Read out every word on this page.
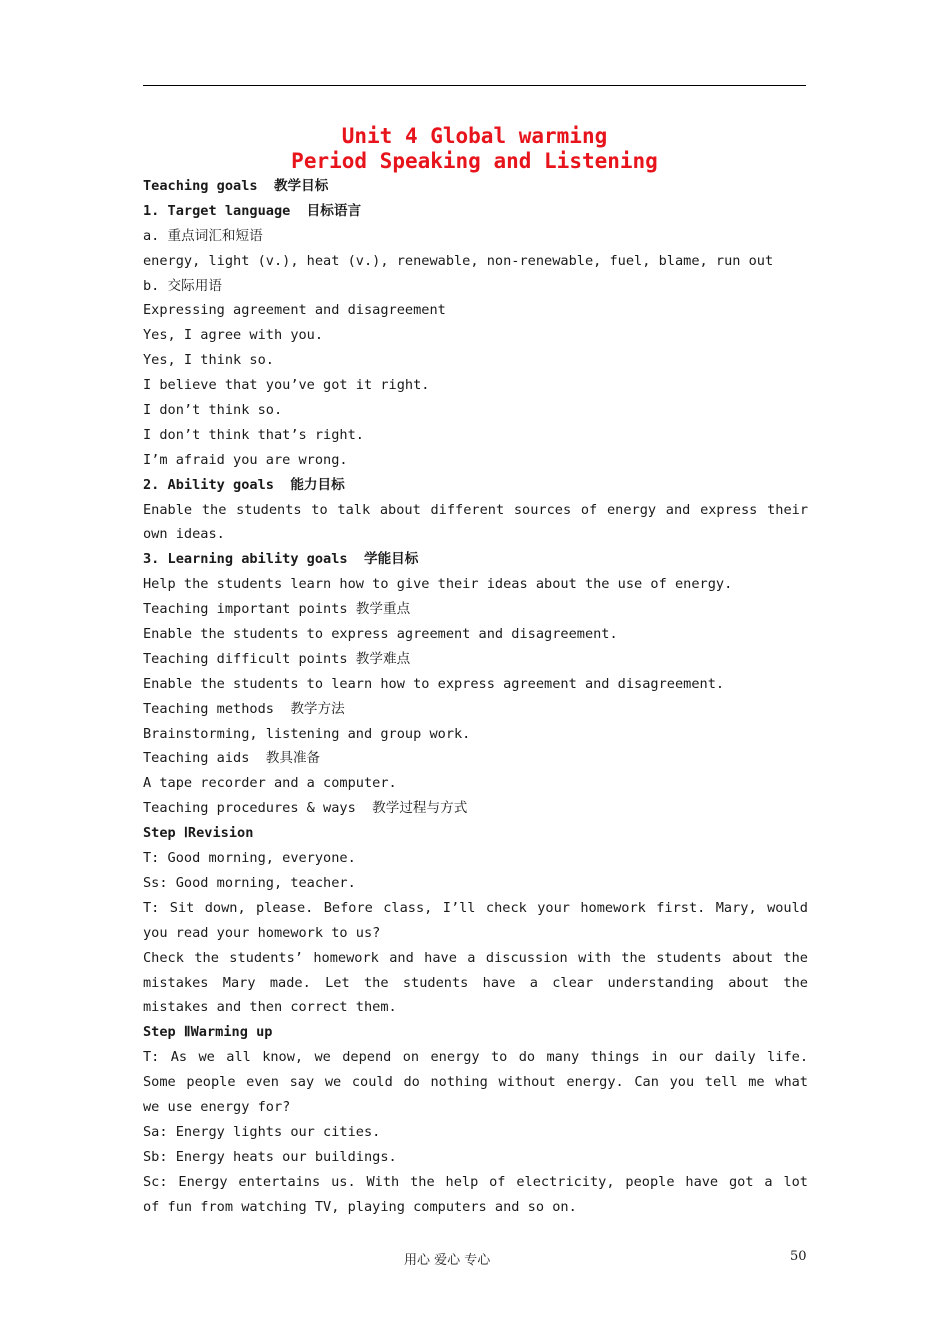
Unit 4 Global warming
Period Speaking and Listening
Teaching goals  教学目标
1. Target language  目标语言
a. 重点词汇和短语
energy, light (v.), heat (v.), renewable, non-renewable, fuel, blame, run out
b. 交际用语
Expressing agreement and disagreement
Yes, I agree with you.
Yes, I think so.
I believe that you’ve got it right.
I don’t think so.
I don’t think that’s right.
I’m afraid you are wrong.
2. Ability goals  能力目标
Enable the students to talk about different sources of energy and express their
own ideas.
3. Learning ability goals  学能目标
Help the students learn how to give their ideas about the use of energy.
Teaching important points 教学重点
Enable the students to express agreement and disagreement.
Teaching difficult points 教学难点
Enable the students to learn how to express agreement and disagreement.
Teaching methods  教学方法
Brainstorming, listening and group work.
Teaching aids  教具准备
A tape recorder and a computer.
Teaching procedures & ways  教学过程与方式
Step ⅠRevision
T: Good morning, everyone.
Ss: Good morning, teacher.
T: Sit down, please. Before class, I’ll check your homework first. Mary, would
you read your homework to us?
Check the students’ homework and have a discussion with the students about the
mistakes Mary made. Let the students have a clear understanding about the
mistakes and then correct them.
Step ⅡWarming up
T: As we all know, we depend on energy to do many things in our daily life.
Some people even say we could do nothing without energy. Can you tell me what
we use energy for?
Sa: Energy lights our cities.
Sb: Energy heats our buildings.
Sc: Energy entertains us. With the help of electricity, people have got a lot
of fun from watching TV, playing computers and so on.
用心 爱心 专心	50
